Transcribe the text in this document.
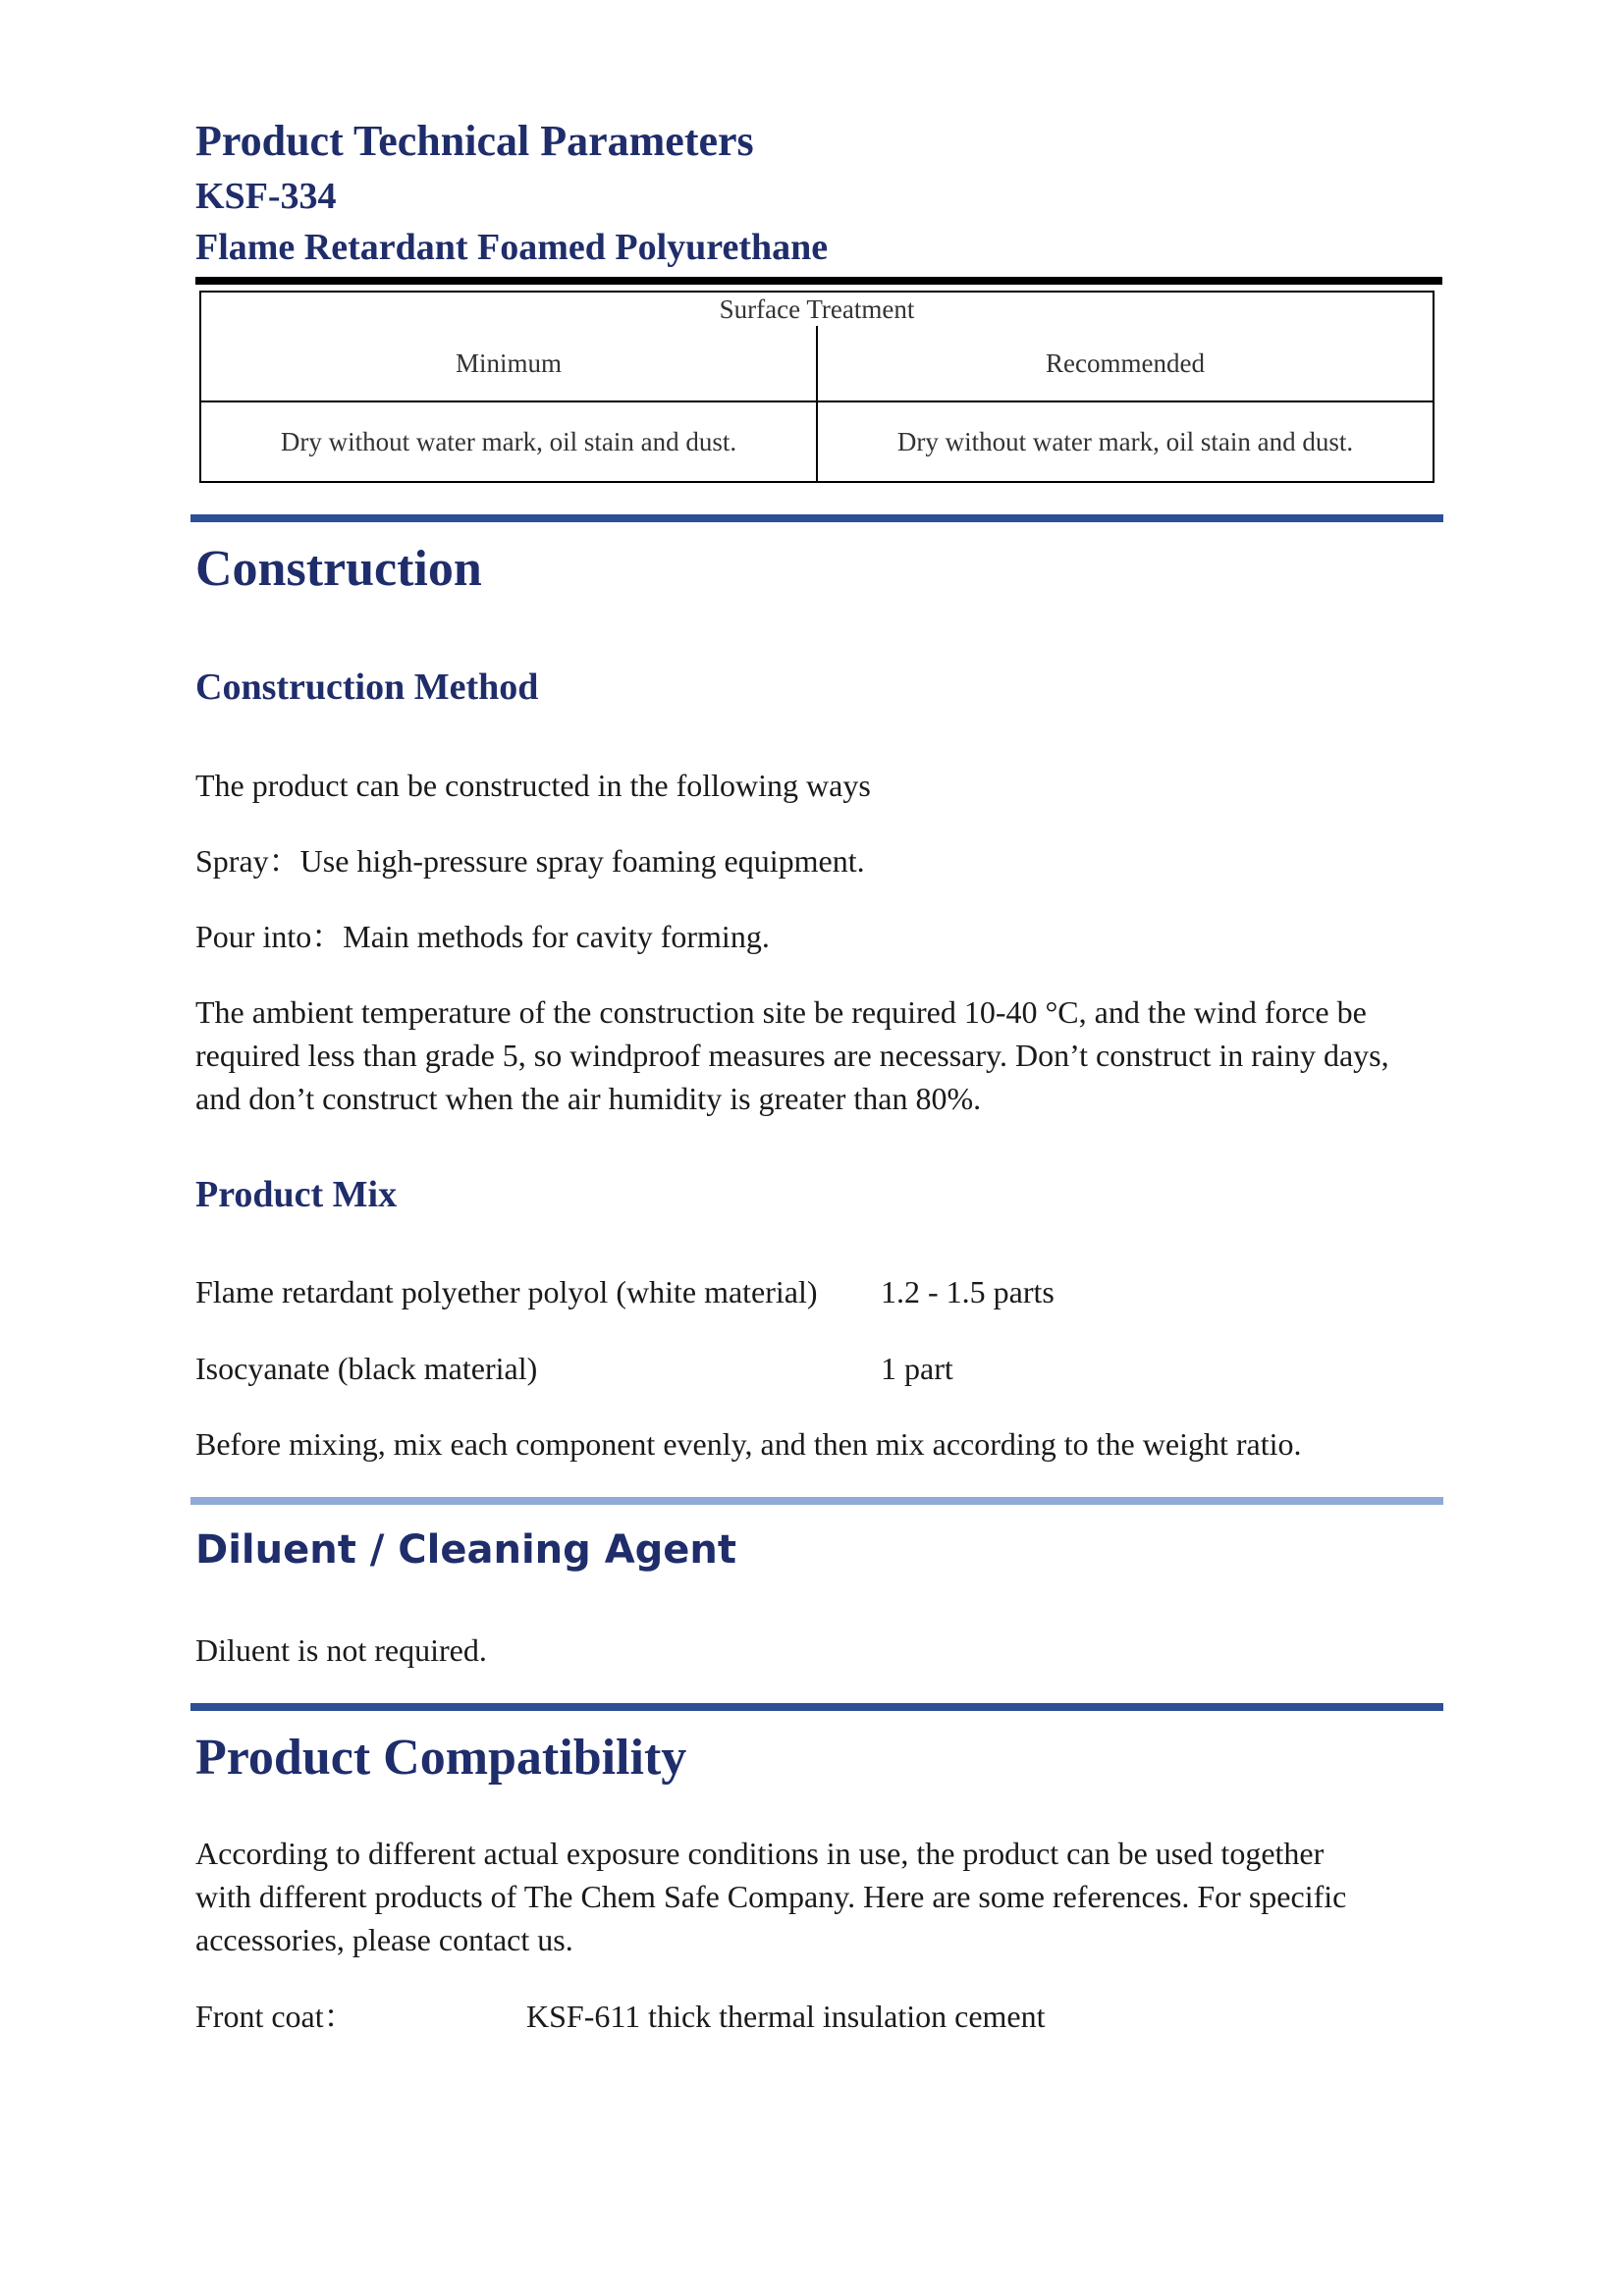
Product Technical Parameters
KSF-334
Flame Retardant Foamed Polyurethane
Surface Treatment	
Minimum	Recommended
Dry without water mark, oil stain and dust.	Dry without water mark, oil stain and dust.
Construction
Construction Method
The product can be constructed in the following ways
Spray：Use high-pressure spray foaming equipment.
Pour into：Main methods for cavity forming.
The ambient temperature of the construction site be required 10-40 °C, and the wind force be
required less than grade 5, so windproof measures are necessary. Don’t construct in rainy days,
and don’t construct when the air humidity is greater than 80%.
Product Mix
Flame retardant polyether polyol (white material) 1.2 - 1.5 parts
Isocyanate (black material)	1 part
Before mixing, mix each component evenly, and then mix according to the weight ratio.
Diluent / Cleaning Agent
Diluent is not required.
Product Compatibility
According to different actual exposure conditions in use, the product can be used together
with different products of The Chem Safe Company. Here are some references. For specific
accessories, please contact us.
Front coat：	KSF-611 thick thermal insulation cement
